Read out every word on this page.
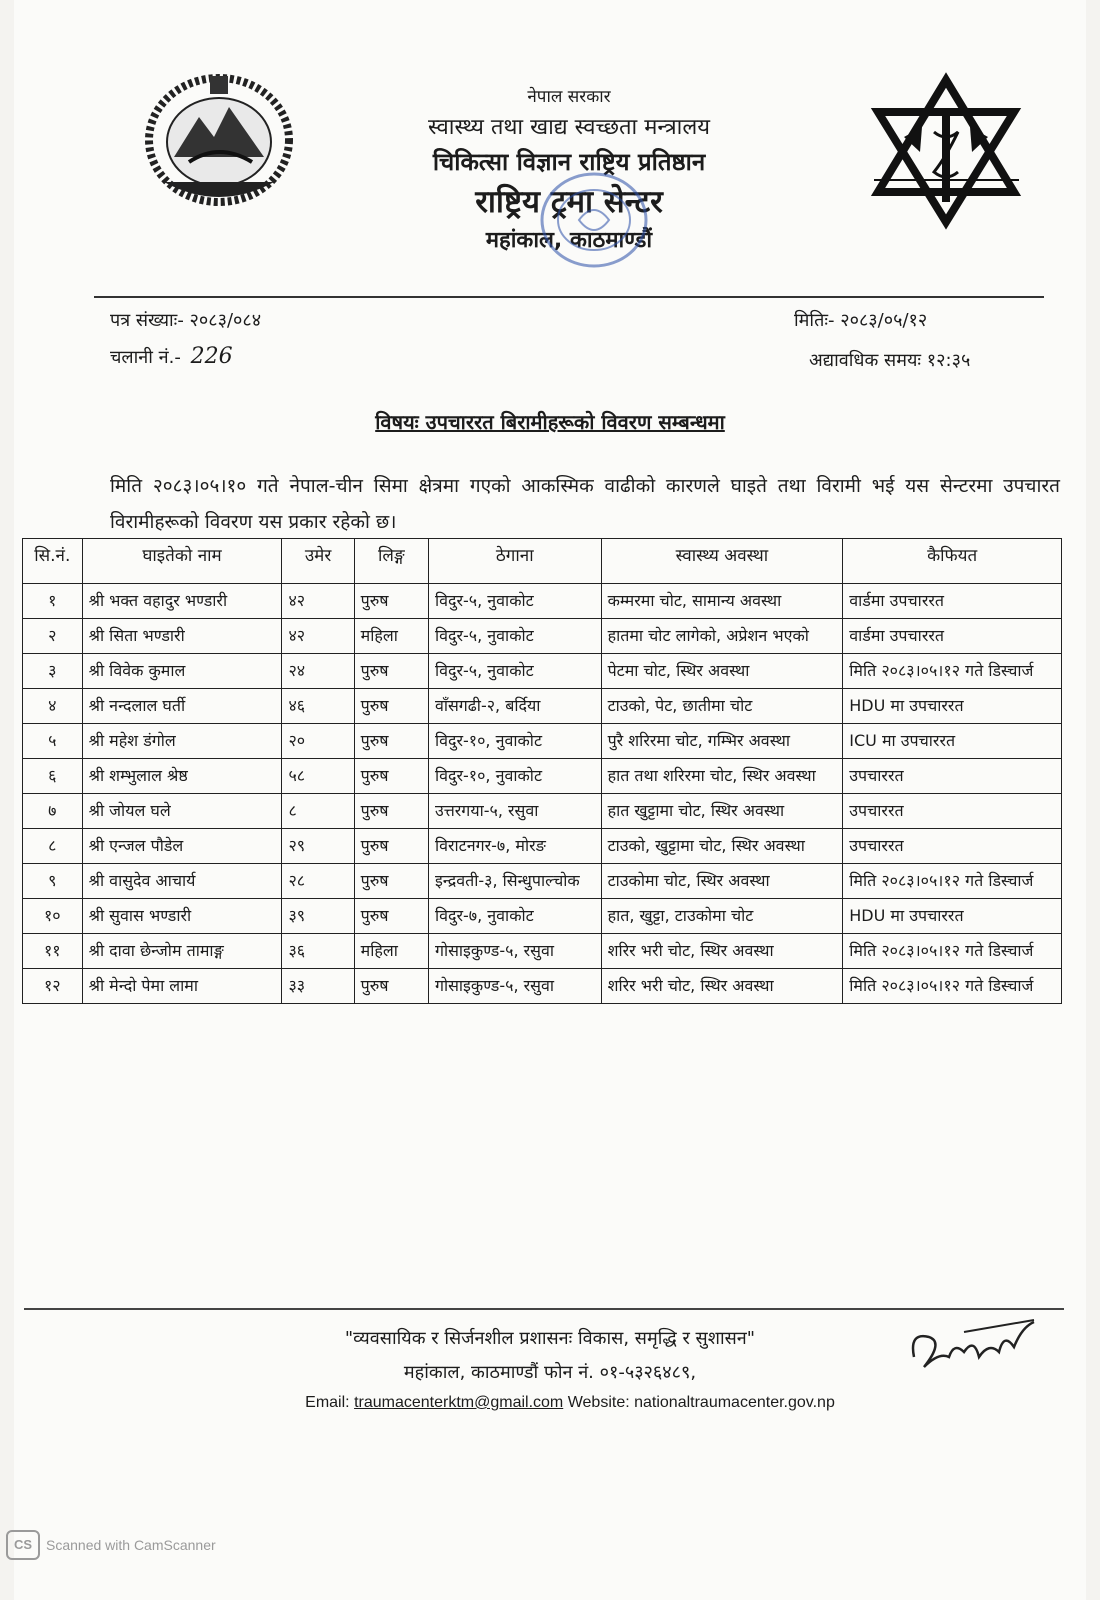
नेपाल सरकार
स्वास्थ्य तथा खाद्य स्वच्छता मन्त्रालय
चिकित्सा विज्ञान राष्ट्रिय प्रतिष्ठान
राष्ट्रिय ट्रमा सेन्टर
महांकाल, काठमाण्डौं
पत्र संख्याः- २०८३/०८४
चलानी नं.- 226
मितिः- २०८३/०५/१२
अद्यावधिक समयः १२:३५
विषयः उपचाररत बिरामीहरूको विवरण सम्बन्धमा
मिति २०८३।०५।१० गते नेपाल-चीन सिमा क्षेत्रमा गएको आकस्मिक वाढीको कारणले घाइते तथा विरामी भई यस सेन्टरमा उपचारत विरामीहरूको विवरण यस प्रकार रहेको छ।
सि.नं.	घाइतेको नाम	उमेर	लिङ्ग	ठेगाना	स्वास्थ्य अवस्था	कैफियत
१	श्री भक्त वहादुर भण्डारी	४२	पुरुष	विदुर-५, नुवाकोट	कम्मरमा चोट, सामान्य अवस्था	वार्डमा उपचाररत
२	श्री सिता भण्डारी	४२	महिला	विदुर-५, नुवाकोट	हातमा चोट लागेको, अप्रेशन भएको	वार्डमा उपचाररत
३	श्री विवेक कुमाल	२४	पुरुष	विदुर-५, नुवाकोट	पेटमा चोट, स्थिर अवस्था	मिति २०८३।०५।१२ गते डिस्चार्ज
४	श्री नन्दलाल घर्ती	४६	पुरुष	वाँसगढी-२, बर्दिया	टाउको, पेट, छातीमा चोट	HDU मा उपचाररत
५	श्री महेश डंगोल	२०	पुरुष	विदुर-१०, नुवाकोट	पुरै शरिरमा चोट, गम्भिर अवस्था	ICU मा उपचाररत
६	श्री शम्भुलाल श्रेष्ठ	५८	पुरुष	विदुर-१०, नुवाकोट	हात तथा शरिरमा चोट, स्थिर अवस्था	उपचाररत
७	श्री जोयल घले	८	पुरुष	उत्तरगया-५, रसुवा	हात खुट्टामा चोट, स्थिर अवस्था	उपचाररत
८	श्री एन्जल पौडेल	२९	पुरुष	विराटनगर-७, मोरङ	टाउको, खुट्टामा चोट, स्थिर अवस्था	उपचाररत
९	श्री वासुदेव आचार्य	२८	पुरुष	इन्द्रवती-३, सिन्धुपाल्चोक	टाउकोमा चोट, स्थिर अवस्था	मिति २०८३।०५।१२ गते डिस्चार्ज
१०	श्री सुवास भण्डारी	३९	पुरुष	विदुर-७, नुवाकोट	हात, खुट्टा, टाउकोमा चोट	HDU मा उपचाररत
११	श्री दावा छेन्जोम तामाङ्ग	३६	महिला	गोसाइकुण्ड-५, रसुवा	शरिर भरी चोट, स्थिर अवस्था	मिति २०८३।०५।१२ गते डिस्चार्ज
१२	श्री मेन्दो पेमा लामा	३३	पुरुष	गोसाइकुण्ड-५, रसुवा	शरिर भरी चोट, स्थिर अवस्था	मिति २०८३।०५।१२ गते डिस्चार्ज
"व्यवसायिक र सिर्जनशील प्रशासनः विकास, समृद्धि र सुशासन"
महांकाल, काठमाण्डौं फोन नं. ०१-५३२६४८९,
Email: traumacenterktm@gmail.com Website: nationaltraumacenter.gov.np
CS Scanned with CamScanner
